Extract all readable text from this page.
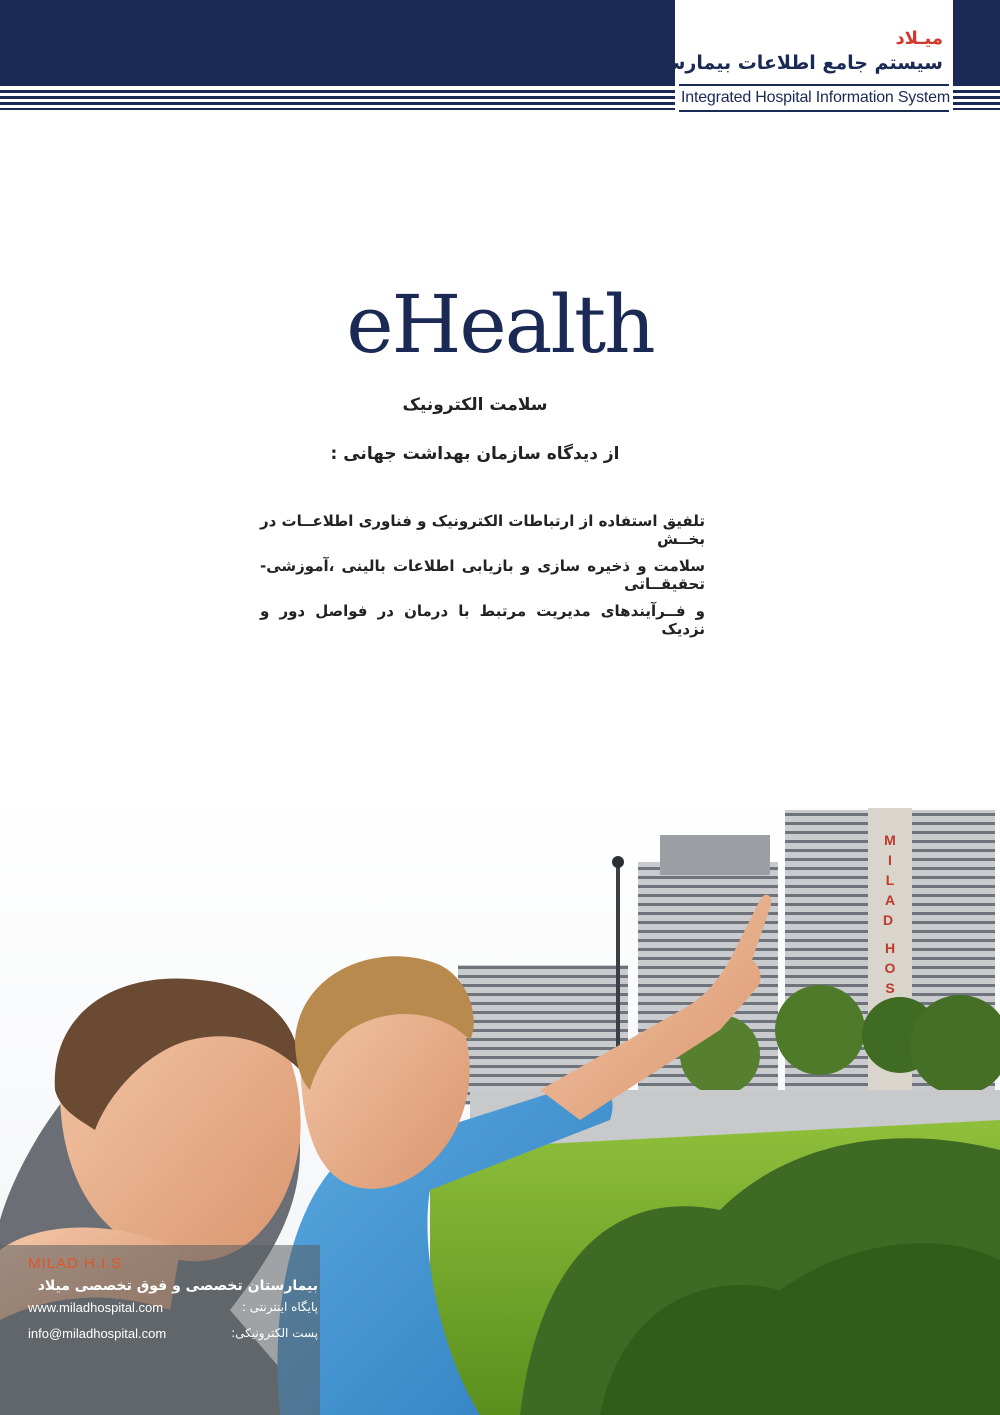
میـلاد
سیستم جامع اطلاعات بیمارستان
Integrated Hospital Information System
eHealth
سلامت الکترونیک
از دیدگاه سازمان بهداشت جهانی :
تلفیق استفاده از ارتباطات الکترونیک و فناوری اطلاعــات در بخــش
سلامت و ذخیره سازی و بازیابی اطلاعات بالینی ،آموزشی- تحقیقــاتی
و فــرآیندهای مدیریت مرتبط با درمان در فواصل دور و نزدیک
M I L A D H O S
MILAD H.I.S
بیمارستان تخصصی و فوق تخصصی میلاد
www.miladhospital.com	پایگاه اینترنتی :
info@miladhospital.com	پست الکترونیکی:
